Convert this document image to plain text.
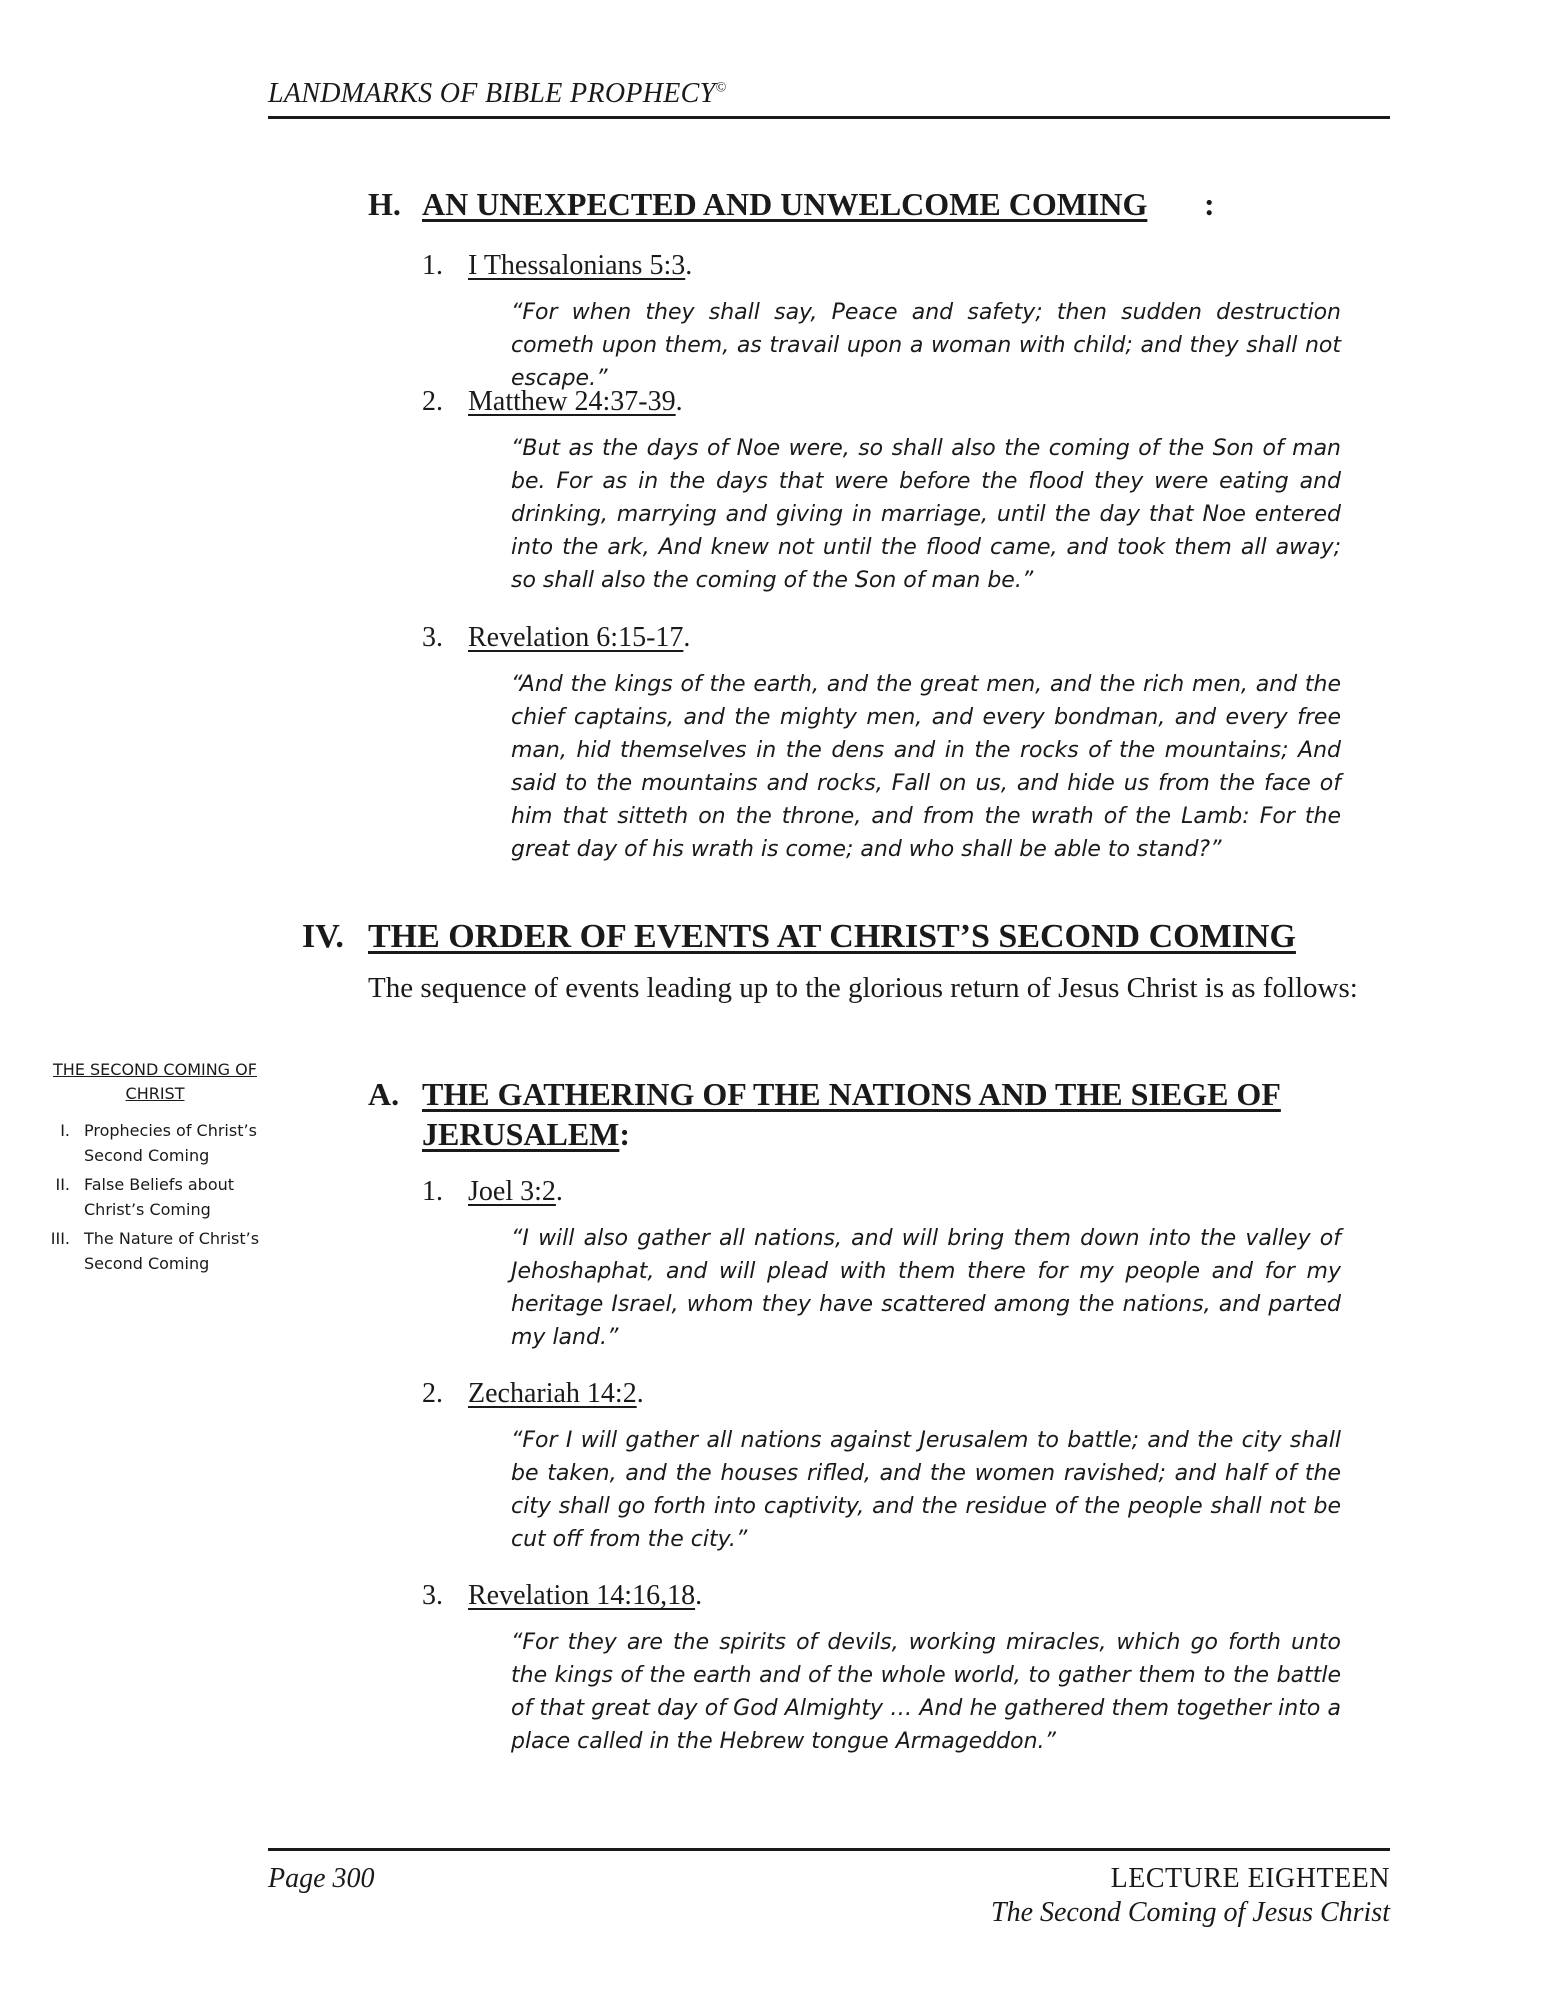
LANDMARKS OF BIBLE PROPHECY©
H. AN UNEXPECTED AND UNWELCOME COMING :
1. I Thessalonians 5:3.
“For when they shall say, Peace and safety; then sudden destruction cometh upon them, as travail upon a woman with child; and they shall not escape.”
2. Matthew 24:37-39.
“But as the days of Noe were, so shall also the coming of the Son of man be. For as in the days that were before the flood they were eating and drinking, marrying and giving in marriage, until the day that Noe entered into the ark, And knew not until the flood came, and took them all away; so shall also the coming of the Son of man be.”
3. Revelation 6:15-17.
“And the kings of the earth, and the great men, and the rich men, and the chief captains, and the mighty men, and every bondman, and every free man, hid themselves in the dens and in the rocks of the mountains; And said to the mountains and rocks, Fall on us, and hide us from the face of him that sitteth on the throne, and from the wrath of the Lamb: For the great day of his wrath is come; and who shall be able to stand?”
IV. THE ORDER OF EVENTS AT CHRIST’S SECOND COMING
The sequence of events leading up to the glorious return of Jesus Christ is as follows:
A. THE GATHERING OF THE NATIONS AND THE SIEGE OF
JERUSALEM:
1. Joel 3:2.
“I will also gather all nations, and will bring them down into the valley of Jehoshaphat, and will plead with them there for my people and for my heritage Israel, whom they have scattered among the nations, and parted my land.”
2. Zechariah 14:2.
“For I will gather all nations against Jerusalem to battle; and the city shall be taken, and the houses rifled, and the women ravished; and half of the city shall go forth into captivity, and the residue of the people shall not be cut off from the city.”
3. Revelation 14:16,18.
“For they are the spirits of devils, working miracles, which go forth unto the kings of the earth and of the whole world, to gather them to the battle of that great day of God Almighty … And he gathered them together into a place called in the Hebrew tongue Armageddon.”
THE SECOND COMING OF CHRIST
I. Prophecies of Christ’s Second Coming
II. False Beliefs about Christ’s Coming
III. The Nature of Christ’s Second Coming
Page 300	LECTURE EIGHTEEN
The Second Coming of Jesus Christ
